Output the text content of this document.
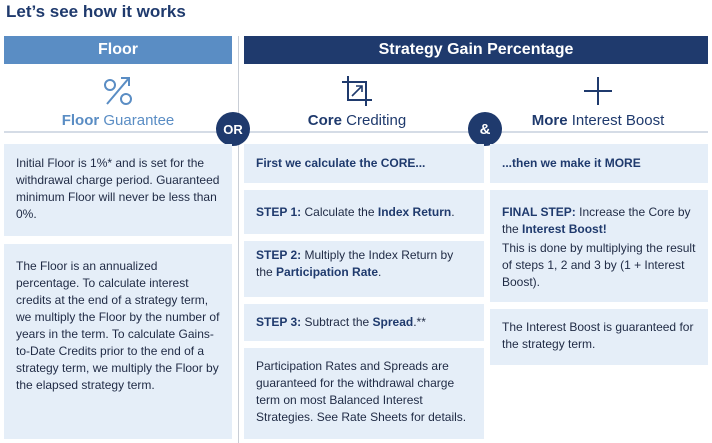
Let’s see how it works
Floor	Strategy Gain Percentage
Floor Guarantee	Core Crediting	More Interest Boost
OR	&
Initial Floor is 1%* and is set for the withdrawal charge period. Guaranteed minimum Floor will never be less than 0%.
The Floor is an annualized percentage. To calculate interest credits at the end of a strategy term, we multiply the Floor by the number of years in the term. To calculate Gains-to-Date Credits prior to the end of a strategy term, we multiply the Floor by the elapsed strategy term.
First we calculate the CORE...
STEP 1: Calculate the Index Return.
STEP 2: Multiply the Index Return by the Participation Rate.
STEP 3: Subtract the Spread.**
Participation Rates and Spreads are guaranteed for the withdrawal charge term on most Balanced Interest Strategies. See Rate Sheets for details.
...then we make it MORE
FINAL STEP: Increase the Core by the Interest Boost!
This is done by multiplying the result of steps 1, 2 and 3 by (1 + Interest Boost).
The Interest Boost is guaranteed for the strategy term.
